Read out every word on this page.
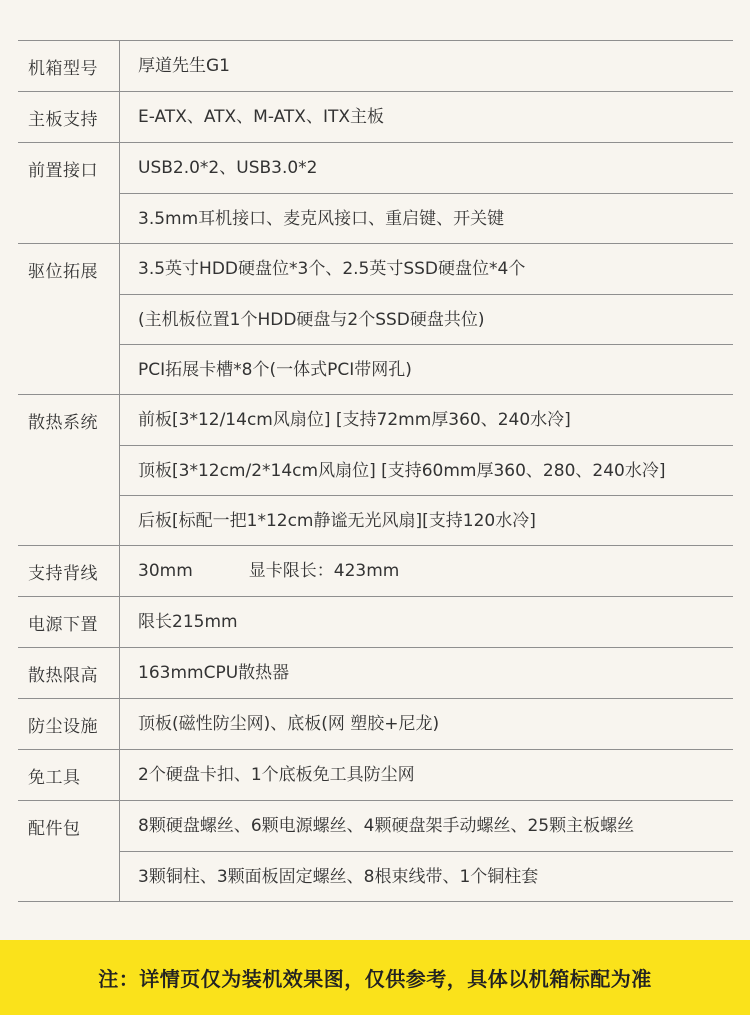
机箱型号	厚道先生G1
主板支持	E-ATX、ATX、M-ATX、ITX主板
前置接口	USB2.0*2、USB3.0*2
3.5mm耳机接口、麦克风接口、重启键、开关键
驱位拓展	3.5英寸HDD硬盘位*3个、2.5英寸SSD硬盘位*4个
(主机板位置1个HDD硬盘与2个SSD硬盘共位)
PCI拓展卡槽*8个(一体式PCI带网孔)
散热系统	前板[3*12/14cm风扇位] [支持72mm厚360、240水冷]
顶板[3*12cm/2*14cm风扇位] [支持60mm厚360、280、240水冷]
后板[标配一把1*12cm静谧无光风扇][支持120水冷]
支持背线	30mm	显卡限长：423mm
电源下置	限长215mm
散热限高	163mmCPU散热器
防尘设施	顶板(磁性防尘网)、底板(网 塑胶+尼龙)
免工具	2个硬盘卡扣、1个底板免工具防尘网
配件包	8颗硬盘螺丝、6颗电源螺丝、4颗硬盘架手动螺丝、25颗主板螺丝
3颗铜柱、3颗面板固定螺丝、8根束线带、1个铜柱套
注：详情页仅为装机效果图，仅供参考，具体以机箱标配为准
